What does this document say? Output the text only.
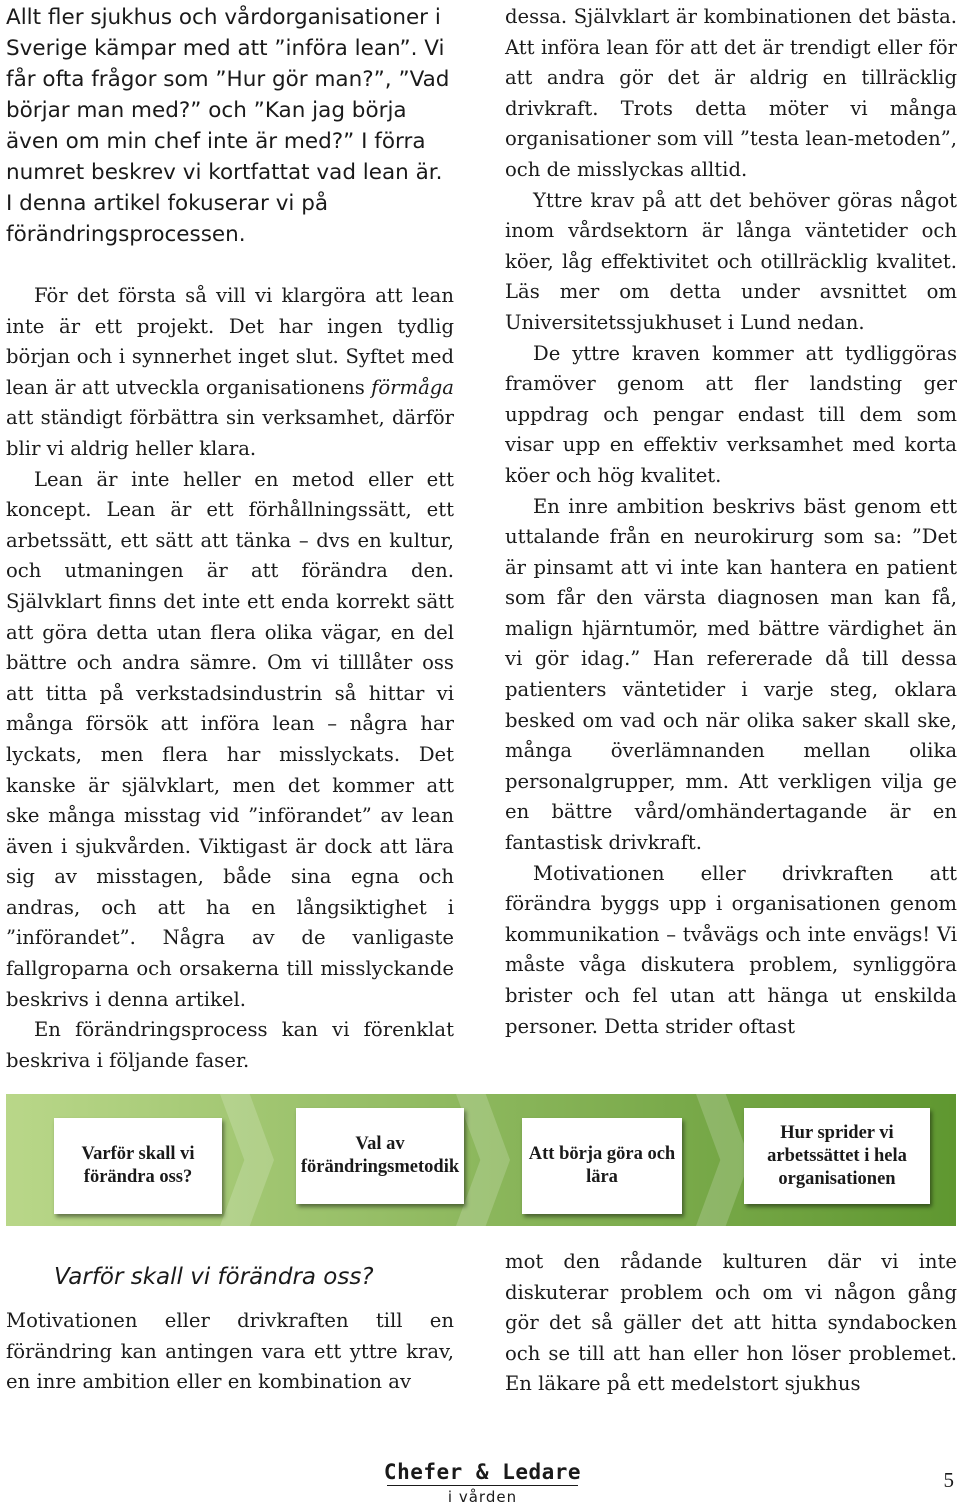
Allt fler sjukhus och vårdorganisationer i Sverige kämpar med att ”införa lean”. Vi får ofta frågor som ”Hur gör man?”, ”Vad börjar man med?” och ”Kan jag börja även om min chef inte är med?” I förra numret beskrev vi kortfattat vad lean är. I denna artikel fokuserar vi på förändringsprocessen.

För det första så vill vi klargöra att lean inte är ett projekt. Det har ingen tydlig början och i synnerhet inget slut. Syftet med lean är att utveckla organisationens förmåga att ständigt förbättra sin verksamhet, därför blir vi aldrig heller klara.

Lean är inte heller en metod eller ett koncept. Lean är ett förhållningssätt, ett arbetssätt, ett sätt att tänka – dvs en kultur, och utmaningen är att förändra den. Självklart finns det inte ett enda korrekt sätt att göra detta utan flera olika vägar, en del bättre och andra sämre. Om vi tilllåter oss att titta på verkstadsindustrin så hittar vi många försök att införa lean – några har lyckats, men flera har misslyckats. Det kanske är självklart, men det kommer att ske många misstag vid ”införandet” av lean även i sjukvården. Viktigast är dock att lära sig av misstagen, både sina egna och andras, och att ha en långsiktighet i ”införandet”. Några av de vanligaste fallgroparna och orsakerna till misslyckande beskrivs i denna artikel.

En förändringsprocess kan vi förenklat beskriva i följande faser.

dessa. Självklart är kombinationen det bästa. Att införa lean för att det är trendigt eller för att andra gör det är aldrig en tillräcklig drivkraft. Trots detta möter vi många organisationer som vill ”testa lean-metoden”, och de misslyckas alltid.

Yttre krav på att det behöver göras något inom vårdsektorn är långa väntetider och köer, låg effektivitet och otillräcklig kvalitet. Läs mer om detta under avsnittet om Universitetssjukhuset i Lund nedan.

De yttre kraven kommer att tydliggöras framöver genom att fler landsting ger uppdrag och pengar endast till dem som visar upp en effektiv verksamhet med korta köer och hög kvalitet.

En inre ambition beskrivs bäst genom ett uttalande från en neurokirurg som sa: ”Det är pinsamt att vi inte kan hantera en patient som får den värsta diagnosen man kan få, malign hjärntumör, med bättre värdighet än vi gör idag.” Han refererade då till dessa patienters väntetider i varje steg, oklara besked om vad och när olika saker skall ske, många överlämnanden mellan olika personalgrupper, mm. Att verkligen vilja ge en bättre vård/omhändertagande är en fantastisk drivkraft.

Motivationen eller drivkraften att förändra byggs upp i organisationen genom kommunikation – tvåvägs och inte envägs! Vi måste våga diskutera problem, synliggöra brister och fel utan att hänga ut enskilda personer. Detta strider oftast

Varför skall vi förändra oss?
Val av förändringsmetodik
Att börja göra och lära
Hur sprider vi arbetssättet i hela organisationen
Varför skall vi förändra oss?

Motivationen eller drivkraften till en förändring kan antingen vara ett yttre krav, en inre ambition eller en kombination av

mot den rådande kulturen där vi inte diskuterar problem och om vi någon gång gör det så gäller det att hitta syndabocken och se till att han eller hon löser problemet. En läkare på ett medelstort sjukhus

Chefer & Ledare
i vården
5
